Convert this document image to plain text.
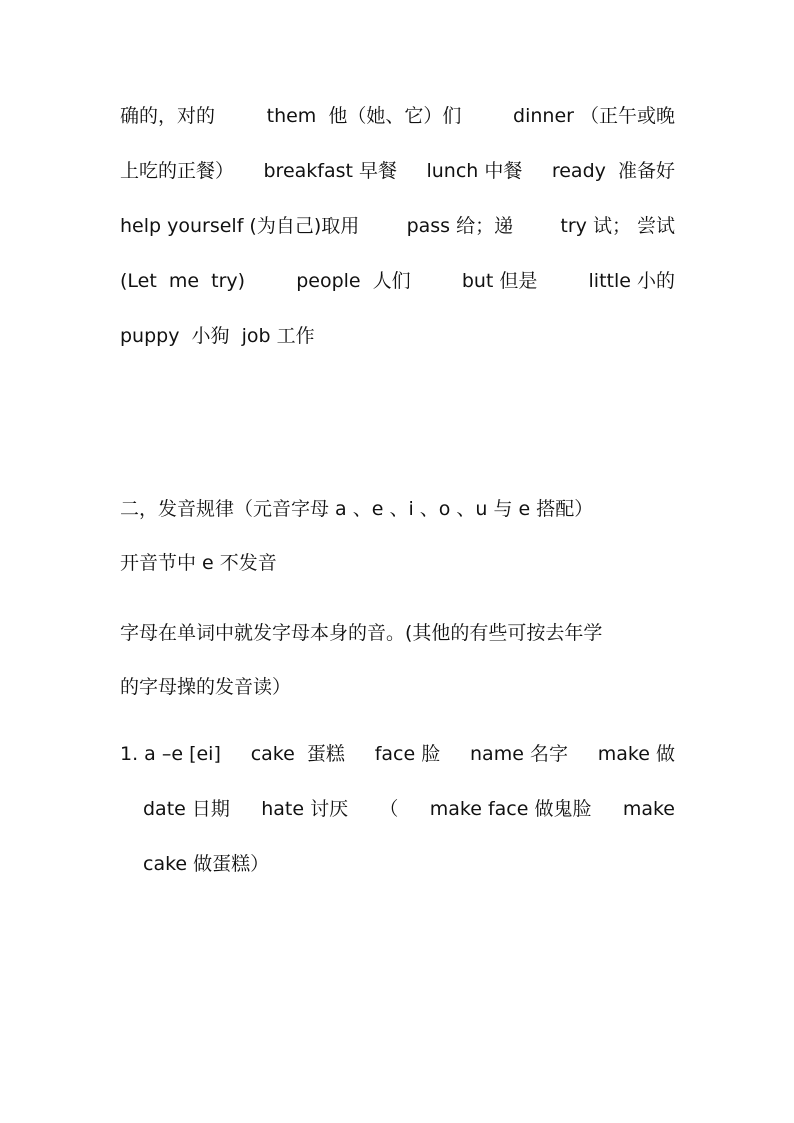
确的，对的	them  他（她、它）们	dinner （正午或晚
上吃的正餐） breakfast 早餐 lunch 中餐 ready  准备好
help yourself (为自己)取用 pass 给；递 try 试； 尝试
(Let  me  try)	people  人们	but 但是	little 小的
puppy  小狗  job 工作
二，发音规律（元音字母 a 、e 、i 、o 、u 与 e 搭配）
开音节中 e 不发音
字母在单词中就发字母本身的音。(其他的有些可按去年学
的字母操的发音读）
1. a –e [ei] cake  蛋糕 face 脸 name 名字 make 做
date 日期 hate 讨厌 （ make face 做鬼脸 make
cake 做蛋糕）
